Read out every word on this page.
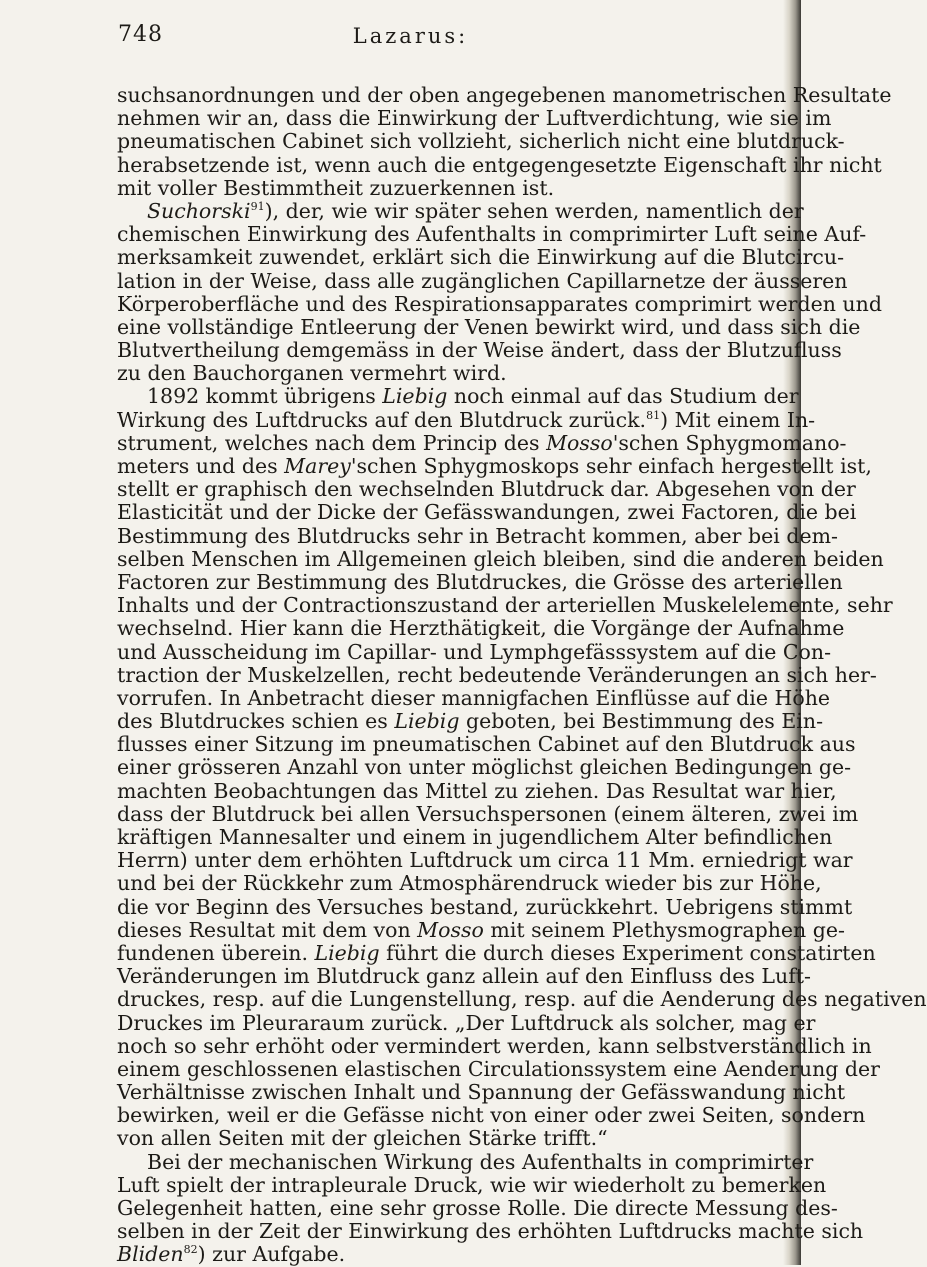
748	Lazarus:
suchsanordnungen und der oben angegebenen manometrischen Resultate
nehmen wir an, dass die Einwirkung der Luftverdichtung, wie sie im
pneumatischen Cabinet sich vollzieht, sicherlich nicht eine blutdruck-
herabsetzende ist, wenn auch die entgegengesetzte Eigenschaft ihr nicht
mit voller Bestimmtheit zuzuerkennen ist.
Suchorski$^{91}$), der, wie wir später sehen werden, namentlich der
chemischen Einwirkung des Aufenthalts in comprimirter Luft seine Auf-
merksamkeit zuwendet, erklärt sich die Einwirkung auf die Blutcircu-
lation in der Weise, dass alle zugänglichen Capillarnetze der äusseren
Körperoberfläche und des Respirationsapparates comprimirt werden und
eine vollständige Entleerung der Venen bewirkt wird, und dass sich die
Blutvertheilung demgemäss in der Weise ändert, dass der Blutzufluss
zu den Bauchorganen vermehrt wird.
1892 kommt übrigens Liebig noch einmal auf das Studium der
Wirkung des Luftdrucks auf den Blutdruck zurück.$^{81}$) Mit einem In-
strument, welches nach dem Princip des Mosso'schen Sphygmomano-
meters und des Marey'schen Sphygmoskops sehr einfach hergestellt ist,
stellt er graphisch den wechselnden Blutdruck dar. Abgesehen von der
Elasticität und der Dicke der Gefässwandungen, zwei Factoren, die bei
Bestimmung des Blutdrucks sehr in Betracht kommen, aber bei dem-
selben Menschen im Allgemeinen gleich bleiben, sind die anderen beiden
Factoren zur Bestimmung des Blutdruckes, die Grösse des arteriellen
Inhalts und der Contractionszustand der arteriellen Muskelelemente, sehr
wechselnd. Hier kann die Herzthätigkeit, die Vorgänge der Aufnahme
und Ausscheidung im Capillar- und Lymphgefässsystem auf die Con-
traction der Muskelzellen, recht bedeutende Veränderungen an sich her-
vorrufen. In Anbetracht dieser mannigfachen Einflüsse auf die Höhe
des Blutdruckes schien es Liebig geboten, bei Bestimmung des Ein-
flusses einer Sitzung im pneumatischen Cabinet auf den Blutdruck aus
einer grösseren Anzahl von unter möglichst gleichen Bedingungen ge-
machten Beobachtungen das Mittel zu ziehen. Das Resultat war hier,
dass der Blutdruck bei allen Versuchspersonen (einem älteren, zwei im
kräftigen Mannesalter und einem in jugendlichem Alter befindlichen
Herrn) unter dem erhöhten Luftdruck um circa 11 Mm. erniedrigt war
und bei der Rückkehr zum Atmosphärendruck wieder bis zur Höhe,
die vor Beginn des Versuches bestand, zurückkehrt. Uebrigens stimmt
dieses Resultat mit dem von Mosso mit seinem Plethysmographen ge-
fundenen überein. Liebig führt die durch dieses Experiment constatirten
Veränderungen im Blutdruck ganz allein auf den Einfluss des Luft-
druckes, resp. auf die Lungenstellung, resp. auf die Aenderung des negativen
Druckes im Pleuraraum zurück. „Der Luftdruck als solcher, mag er
noch so sehr erhöht oder vermindert werden, kann selbstverständlich in
einem geschlossenen elastischen Circulationssystem eine Aenderung der
Verhältnisse zwischen Inhalt und Spannung der Gefässwandung nicht
bewirken, weil er die Gefässe nicht von einer oder zwei Seiten, sondern
von allen Seiten mit der gleichen Stärke trifft.“
Bei der mechanischen Wirkung des Aufenthalts in comprimirter
Luft spielt der intrapleurale Druck, wie wir wiederholt zu bemerken
Gelegenheit hatten, eine sehr grosse Rolle. Die directe Messung des-
selben in der Zeit der Einwirkung des erhöhten Luftdrucks machte sich
Bliden$^{82}$) zur Aufgabe.
